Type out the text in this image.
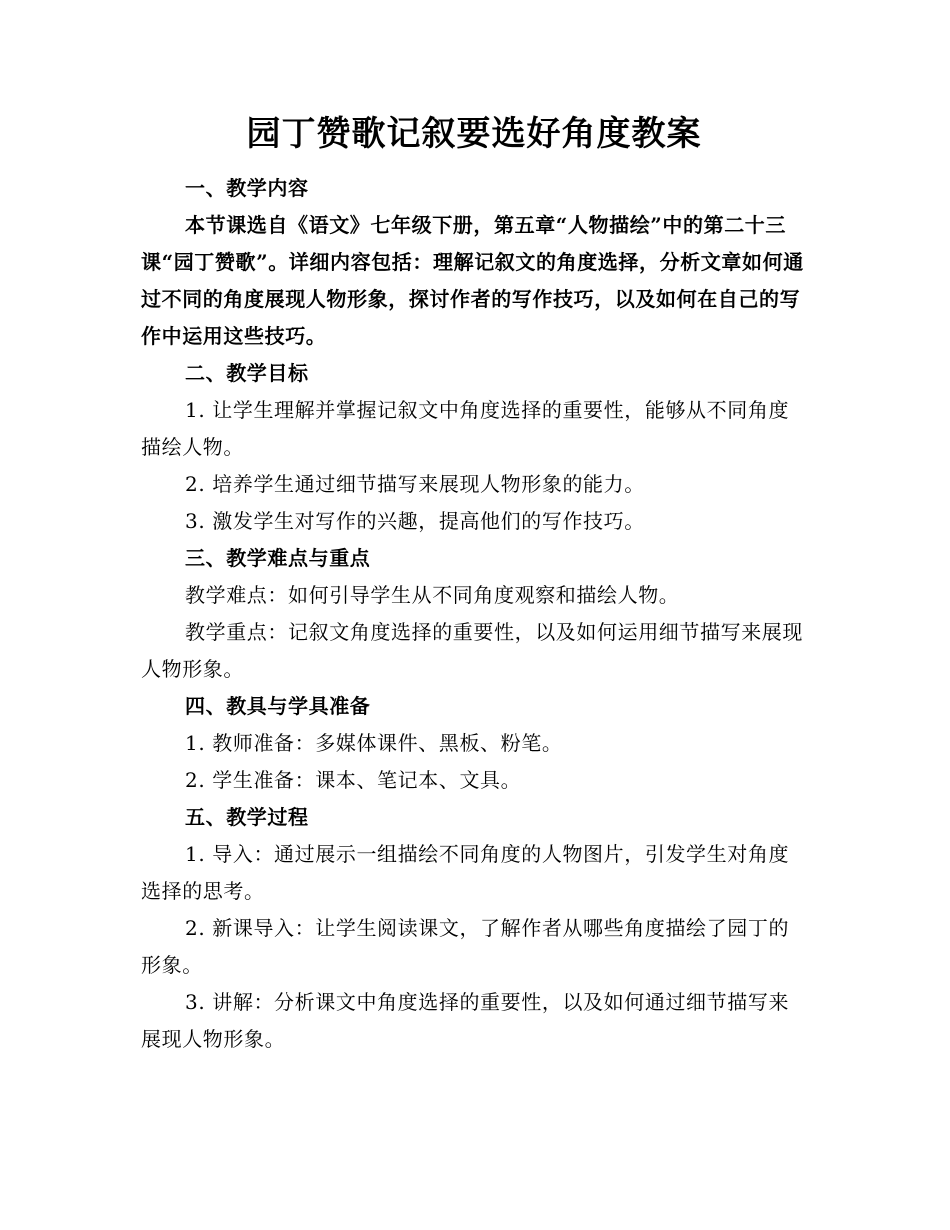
园丁赞歌记叙要选好角度教案

一、教学内容

本节课选自《语文》七年级下册，第五章“人物描绘”中的第二十三课“园丁赞歌”。详细内容包括：理解记叙文的角度选择，分析文章如何通过不同的角度展现人物形象，探讨作者的写作技巧，以及如何在自己的写作中运用这些技巧。

二、教学目标

1. 让学生理解并掌握记叙文中角度选择的重要性，能够从不同角度描绘人物。

2. 培养学生通过细节描写来展现人物形象的能力。

3. 激发学生对写作的兴趣，提高他们的写作技巧。

三、教学难点与重点

教学难点：如何引导学生从不同角度观察和描绘人物。

教学重点：记叙文角度选择的重要性，以及如何运用细节描写来展现人物形象。

四、教具与学具准备

1. 教师准备：多媒体课件、黑板、粉笔。

2. 学生准备：课本、笔记本、文具。

五、教学过程

1. 导入：通过展示一组描绘不同角度的人物图片，引发学生对角度选择的思考。

2. 新课导入：让学生阅读课文，了解作者从哪些角度描绘了园丁的形象。

3. 讲解：分析课文中角度选择的重要性，以及如何通过细节描写来展现人物形象。
